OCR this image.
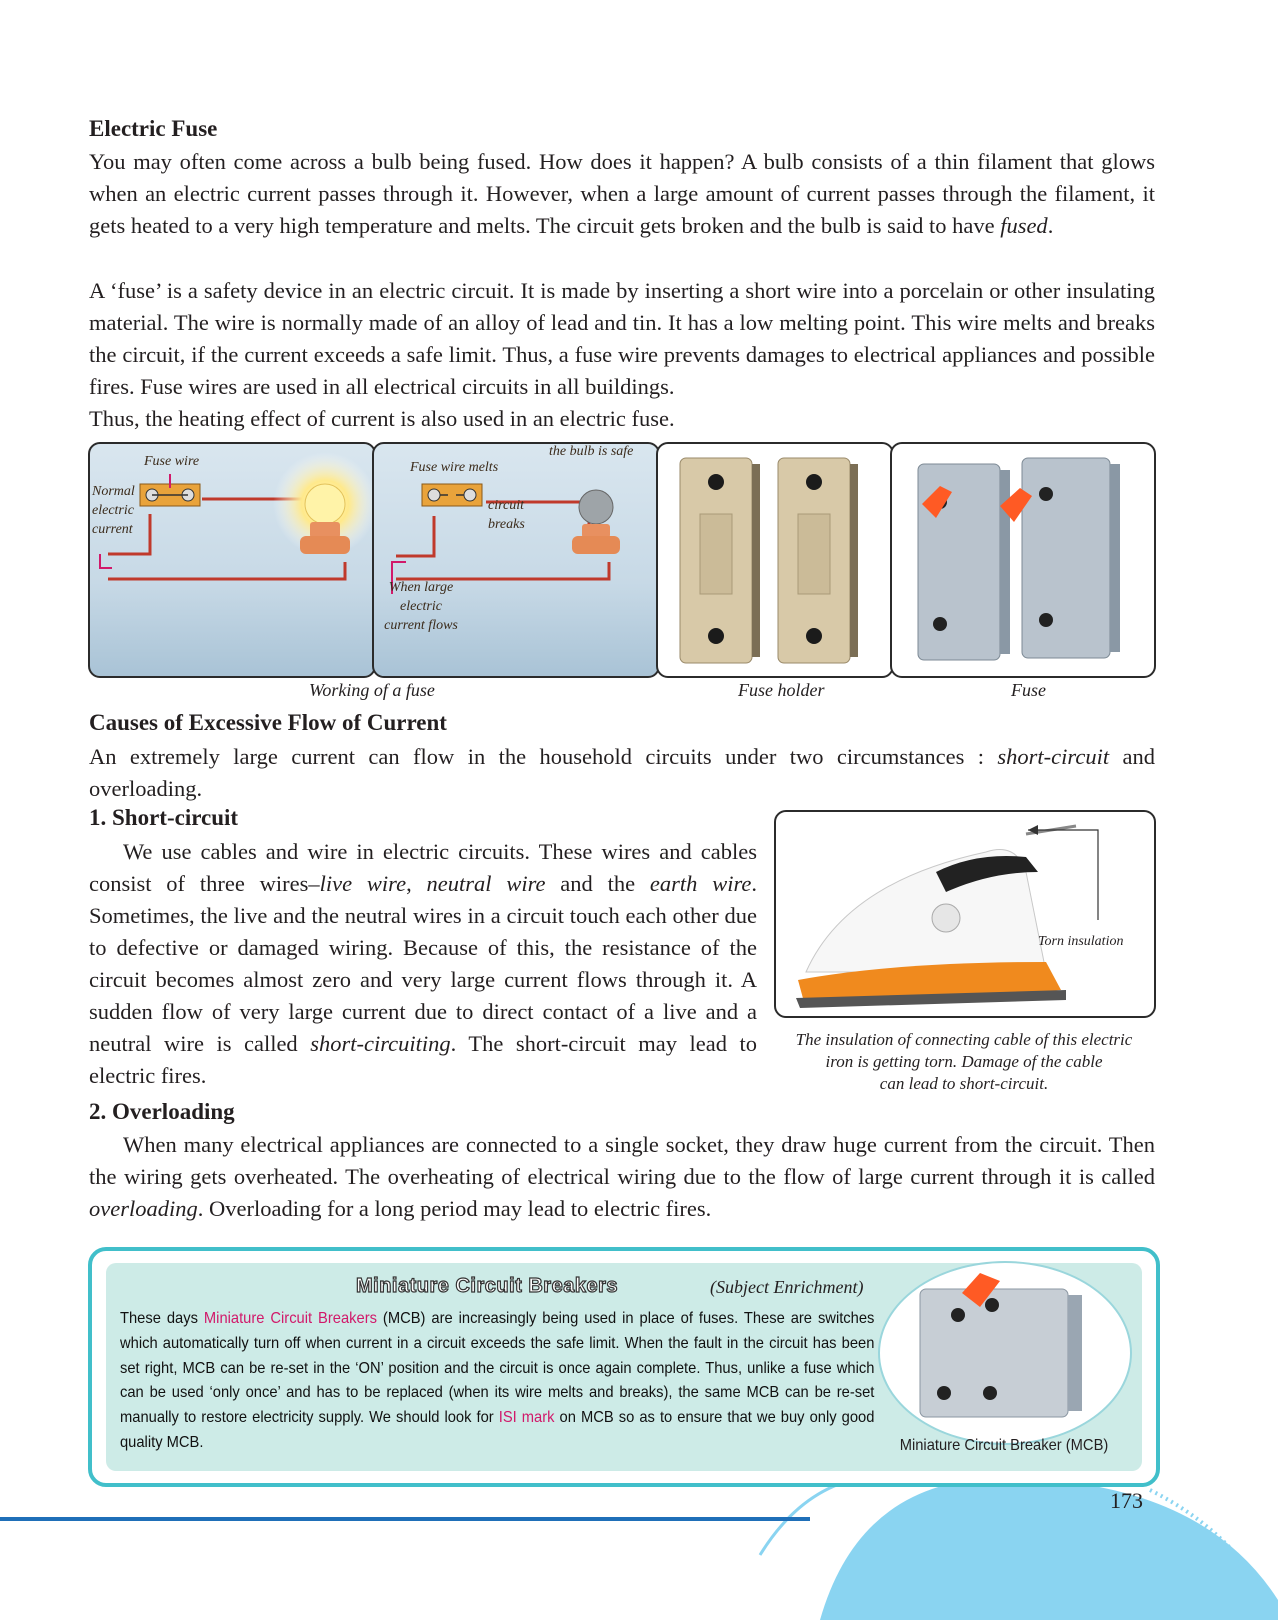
Electric Fuse

You may often come across a bulb being fused. How does it happen? A bulb consists of a thin filament that glows when an electric current passes through it. However, when a large amount of current passes through the filament, it gets heated to a very high temperature and melts. The circuit gets broken and the bulb is said to have fused.

A ‘fuse’ is a safety device in an electric circuit. It is made by inserting a short wire into a porcelain or other insulating material. The wire is normally made of an alloy of lead and tin. It has a low melting point. This wire melts and breaks the circuit, if the current exceeds a safe limit. Thus, a fuse wire prevents damages to electrical appliances and possible fires. Fuse wires are used in all electrical circuits in all buildings.

Thus, the heating effect of current is also used in an electric fuse.

Fuse wire
Normal
electric
current
the bulb is safe
Fuse wire melts
circuit
breaks
When large
electric
current flows
Working of a fuse	Fuse holder	Fuse
Causes of Excessive Flow of Current

An extremely large current can flow in the household circuits under two circumstances : short-circuit and overloading.

1. Short-circuit

We use cables and wire in electric circuits. These wires and cables consist of three wires–live wire, neutral wire and the earth wire. Sometimes, the live and the neutral wires in a circuit touch each other due to defective or damaged wiring. Because of this, the resistance of the circuit becomes almost zero and very large current flows through it. A sudden flow of very large current due to direct contact of a live and a neutral wire is called short-circuiting. The short-circuit may lead to electric fires.

Torn insulation
The insulation of connecting cable of this electric
iron is getting torn. Damage of the cable
can lead to short-circuit.
2. Overloading

When many electrical appliances are connected to a single socket, they draw huge current from the circuit. Then the wiring gets overheated. The overheating of electrical wiring due to the flow of large current through it is called overloading. Overloading for a long period may lead to electric fires.

Miniature Circuit Breakers	(Subject Enrichment)
These days Miniature Circuit Breakers (MCB) are increasingly being used in place of fuses. These are switches which automatically turn off when current in a circuit exceeds the safe limit. When the fault in the circuit has been set right, MCB can be re-set in the ‘ON’ position and the circuit is once again complete. Thus, unlike a fuse which can be used ‘only once’ and has to be replaced (when its wire melts and breaks), the same MCB can be re-set manually to restore electricity supply. We should look for ISI mark on MCB so as to ensure that we buy only good quality MCB.	Miniature Circuit Breaker (MCB)
173
